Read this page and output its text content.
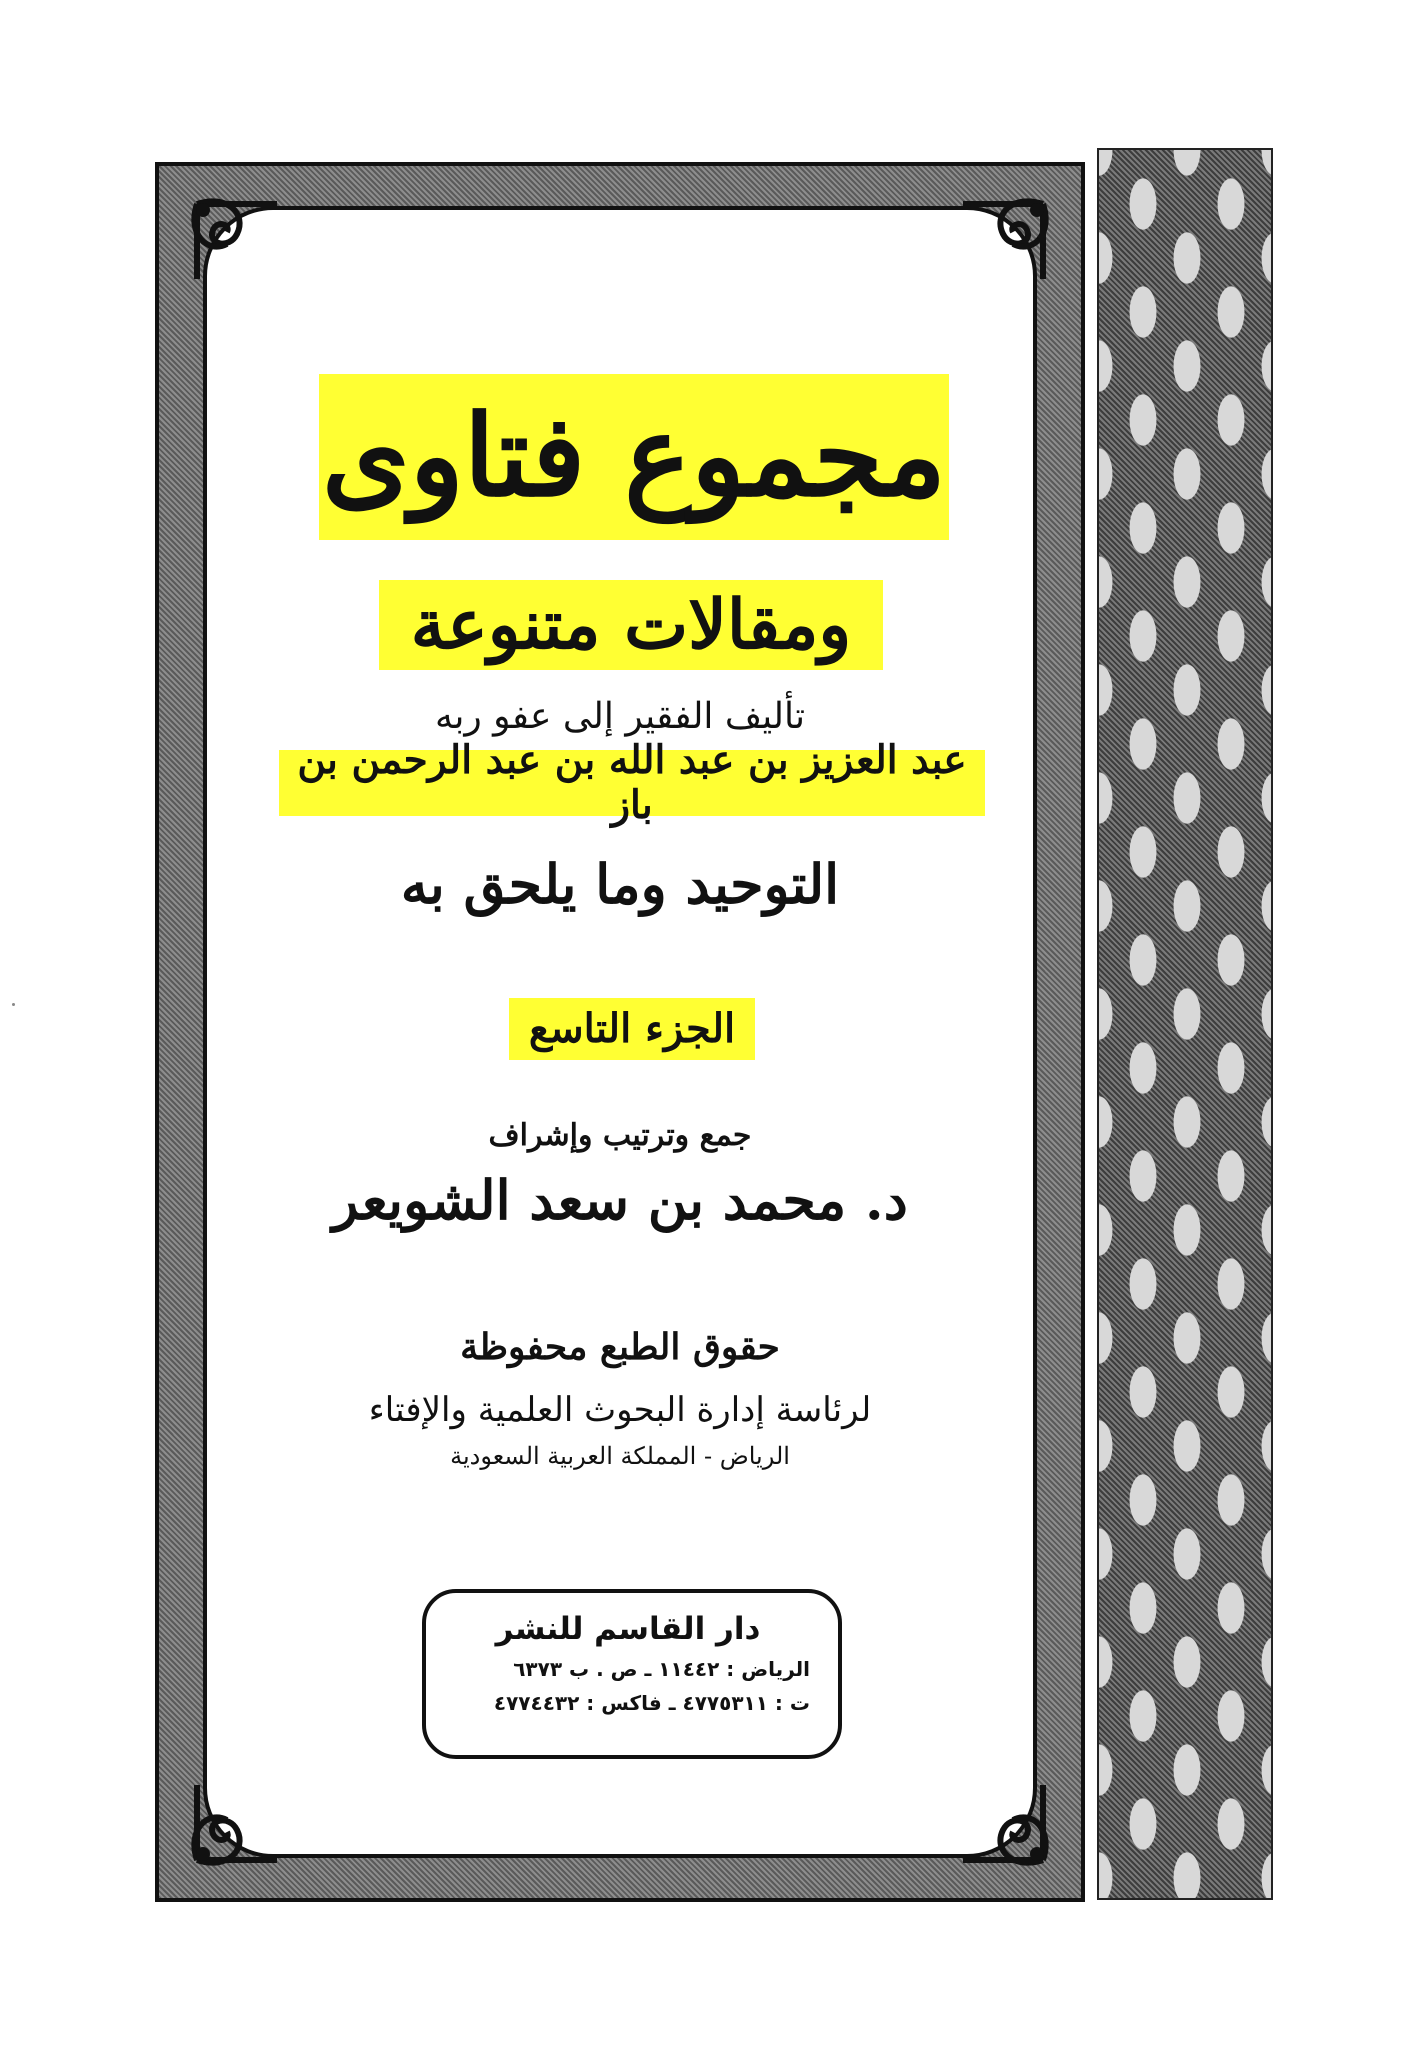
مجموع فتاوى
ومقالات متنوعة
تأليف الفقير إلى عفو ربه
عبد العزيز بن عبد الله بن عبد الرحمن بن باز
التوحيد وما يلحق به
الجزء التاسع
جمع وترتيب وإشراف
د. محمد بن سعد الشويعر
حقوق الطبع محفوظة
لرئاسة إدارة البحوث العلمية والإفتاء
الرياض - المملكة العربية السعودية
دار القاسم للنشر
الرياض : ١١٤٤٢ ـ ص . ب ٦٣٧٣
ت : ٤٧٧٥٣١١ ـ فاكس : ٤٧٧٤٤٣٢
